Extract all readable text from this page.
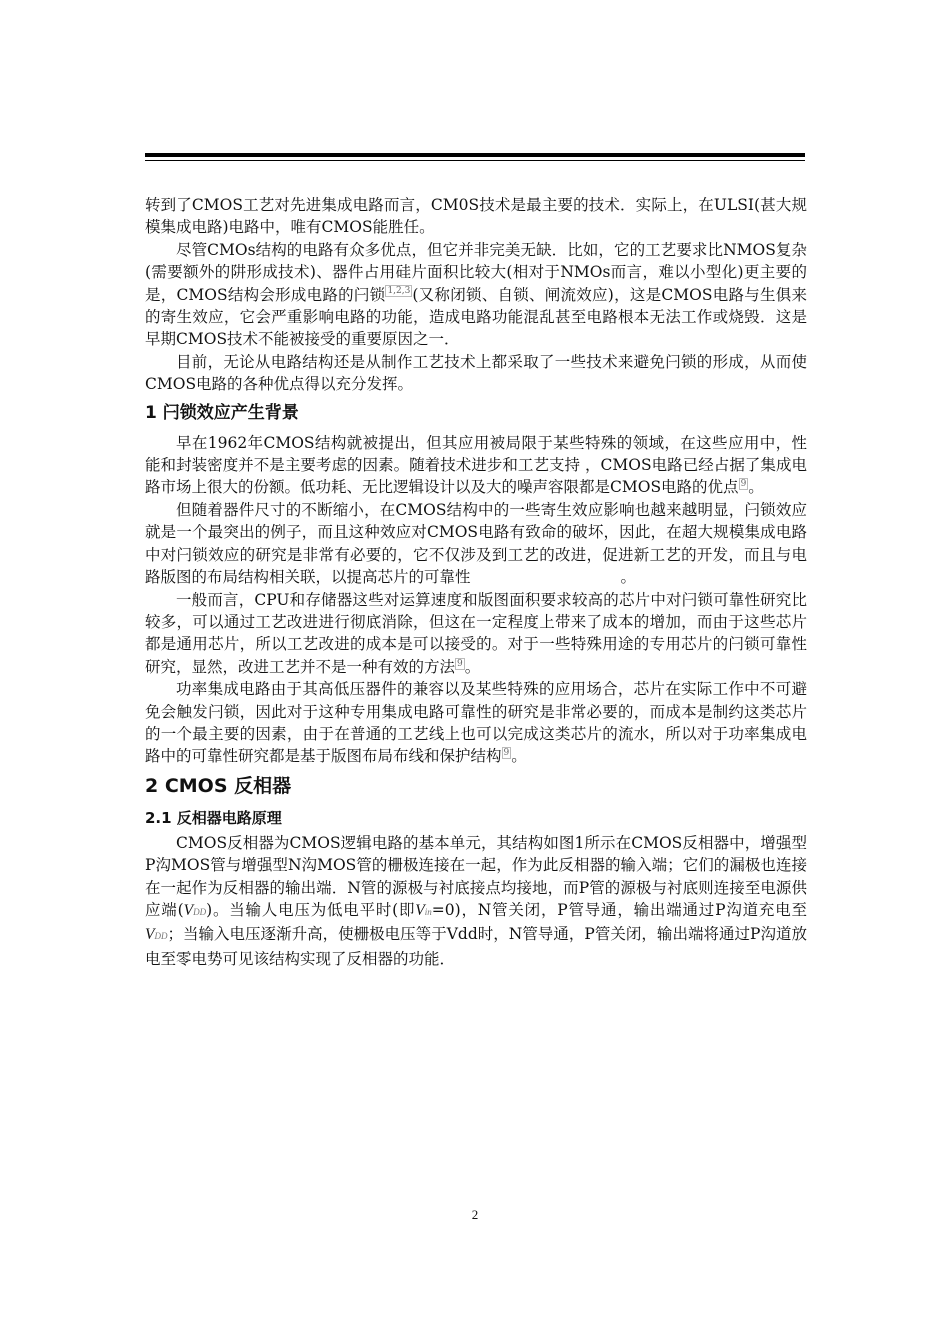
转到了CMOS工艺对先进集成电路而言，CM0S技术是最主要的技术．实际上，在ULSI(甚大规模集成电路)电路中，唯有CMOS能胜任。

尽管CMOs结构的电路有众多优点，但它并非完美无缺．比如，它的工艺要求比NMOS复杂(需要额外的阱形成技术)、器件占用硅片面积比较大(相对于NMOs而言，难以小型化)更主要的是，CMOS结构会形成电路的闩锁 $^{1,2,3}$ (又称闭锁、自锁、闸流效应)，这是CMOS电路与生俱来的寄生效应，它会严重影响电路的功能，造成电路功能混乱甚至电路根本无法工作或烧毁．这是早期CMOS技术不能被接受的重要原因之一．

目前，无论从电路结构还是从制作工艺技术上都采取了一些技术来避免闩锁的形成，从而使CMOS电路的各种优点得以充分发挥。

1 闩锁效应产生背景

早在1962年CMOS结构就被提出，但其应用被局限于某些特殊的领域，在这些应用中，性能和封装密度并不是主要考虑的因素。随着技术进步和工艺支持 ，CMOS电路已经占据了集成电路市场上很大的份额。低功耗、无比逻辑设计以及大的噪声容限都是CMOS电路的优点 $^9$ 。

但随着器件尺寸的不断缩小，在CMOS结构中的一些寄生效应影响也越来越明显，闩锁效应就是一个最突出的例子，而且这种效应对CMOS电路有致命的破坏，因此，在超大规模集成电路中对闩锁效应的研究是非常有必要的，它不仅涉及到工艺的改进，促进新工艺的开发，而且与电路版图的布局结构相关联，以提高芯片的可靠性	。

一般而言，CPU和存储器这些对运算速度和版图面积要求较高的芯片中对闩锁可靠性研究比较多，可以通过工艺改进进行彻底消除，但这在一定程度上带来了成本的增加，而由于这些芯片都是通用芯片，所以工艺改进的成本是可以接受的。对于一些特殊用途的专用芯片的闩锁可靠性研究，显然，改进工艺并不是一种有效的方法 $^9$ 。

功率集成电路由于其高低压器件的兼容以及某些特殊的应用场合，芯片在实际工作中不可避免会触发闩锁，因此对于这种专用集成电路可靠性的研究是非常必要的，而成本是制约这类芯片的一个最主要的因素，由于在普通的工艺线上也可以完成这类芯片的流水，所以对于功率集成电路中的可靠性研究都是基于版图布局布线和保护结构 $^9$ 。

2 CMOS 反相器
2.1 反相器电路原理

CMOS反相器为CMOS逻辑电路的基本单元，其结构如图1所示在CMOS反相器中，增强型P沟MOS管与增强型N沟MOS管的栅极连接在一起，作为此反相器的输入端；它们的漏极也连接在一起作为反相器的输出端．N管的源极与衬底接点均接地，而P管的源极与衬底则连接至电源供应端(VDD)。当输人电压为低电平时(即Vin=0)，N管关闭，P管导通，输出端通过P沟道充电至VDD；当输入电压逐渐升高，使栅极电压等于Vdd时，N管导通，P管关闭，输出端将通过P沟道放电至零电势可见该结构实现了反相器的功能．

2
